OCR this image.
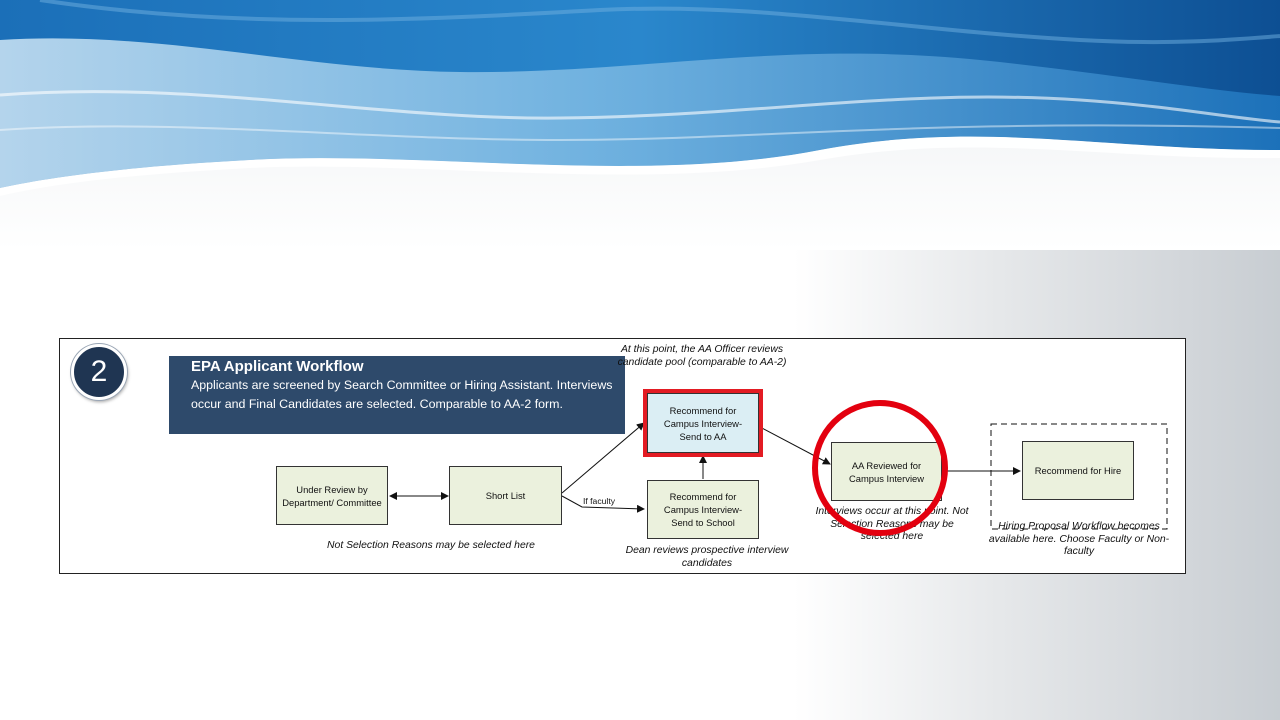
EPA Applicant Workflow
Applicants are screened by Search Committee or Hiring Assistant. Interviews occur and Final Candidates are selected. Comparable to AA-2 form.
2
Under Review by Department/ Committee
Short List
Recommend for Campus Interview- Send to AA
Recommend for Campus Interview- Send to School
AA Reviewed for Campus Interview
Recommend for Hire
If faculty
At this point, the AA Officer reviews candidate pool (comparable to AA-2)
Not Selection Reasons may be selected here	Dean reviews prospective interview candidates
Interviews occur at this point. Not Selection Reasons may be selected here
Hiring Proposal Workflow becomes available here. Choose Faculty or Non-faculty
